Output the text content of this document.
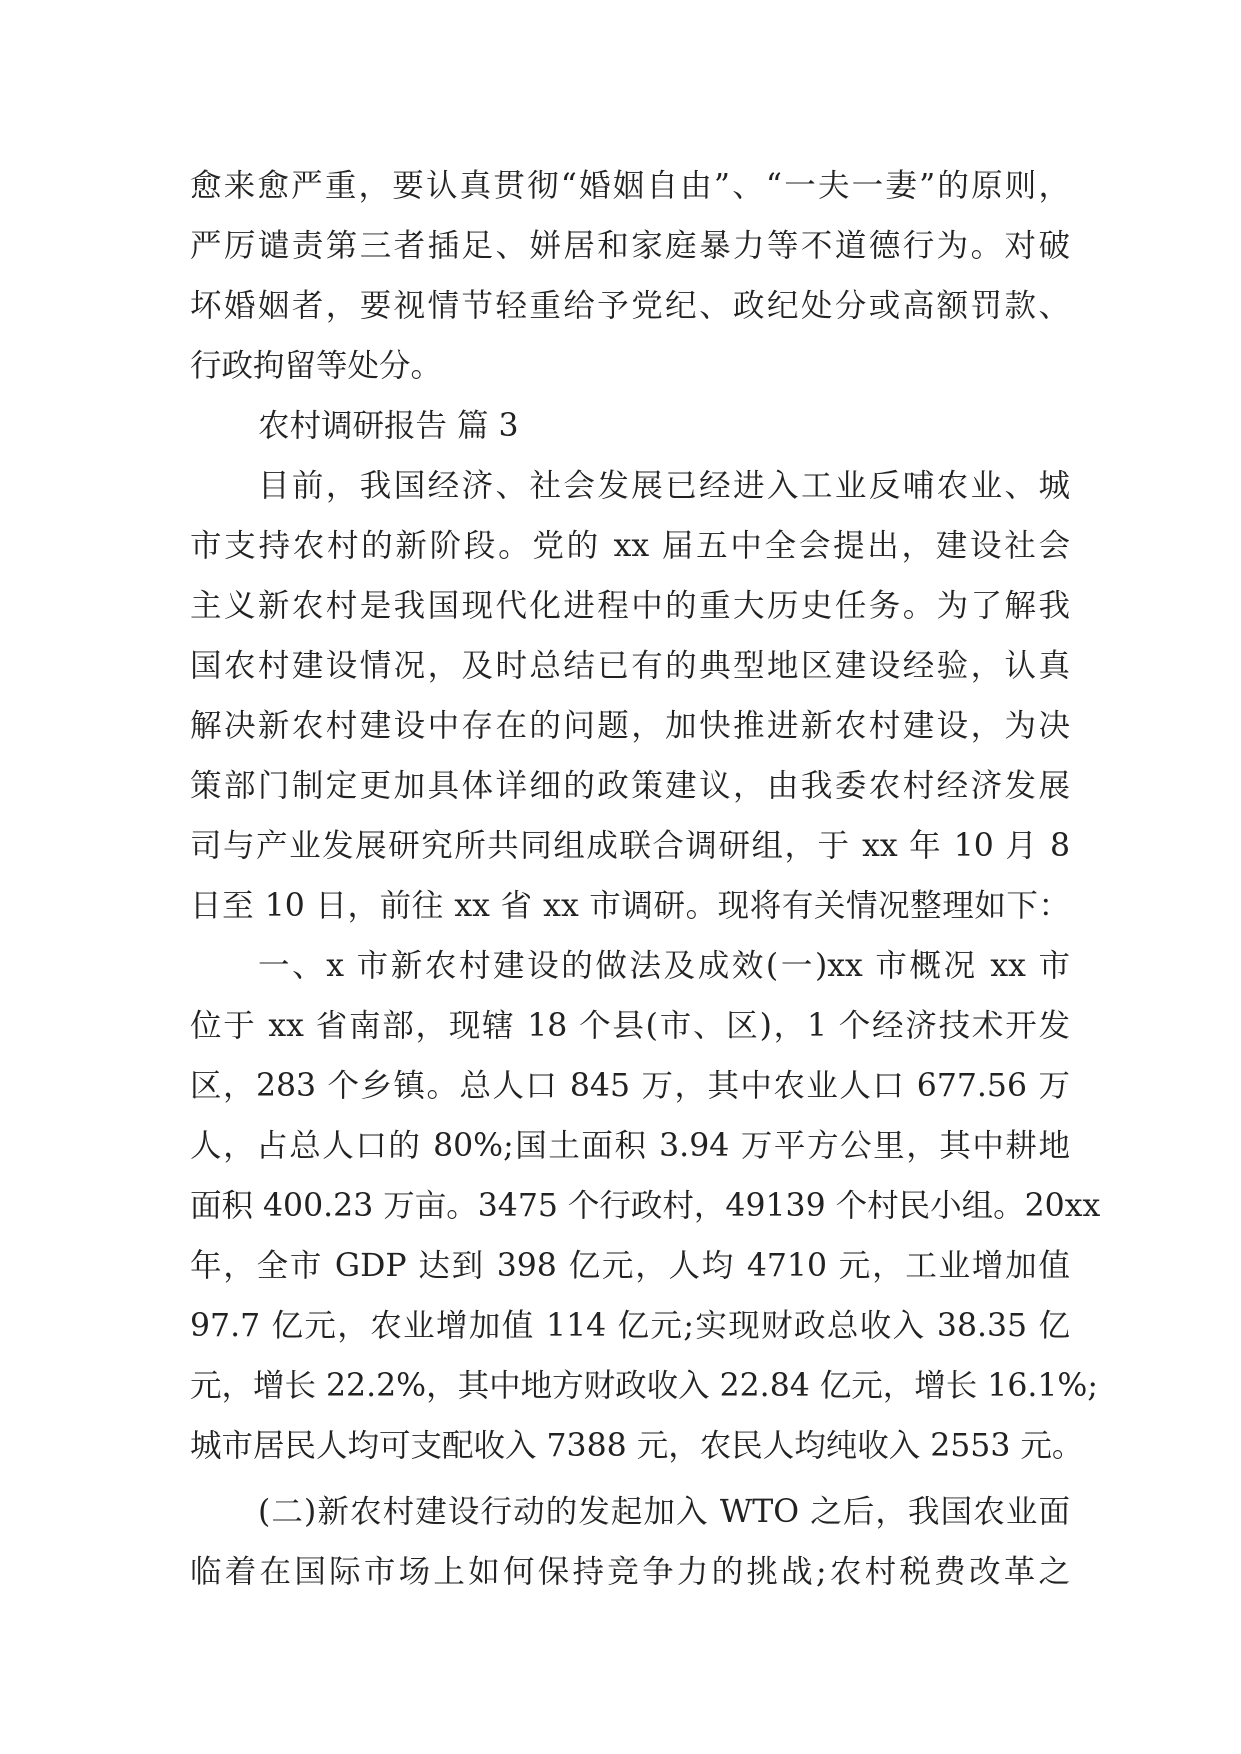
愈来愈严重，要认真贯彻“婚姻自由”、“一夫一妻”的原则，
严厉谴责第三者插足、姘居和家庭暴力等不道德行为。对破
坏婚姻者，要视情节轻重给予党纪、政纪处分或高额罚款、
行政拘留等处分。
农村调研报告 篇 3
目前，我国经济、社会发展已经进入工业反哺农业、城
市支持农村的新阶段。党的 xx 届五中全会提出，建设社会
主义新农村是我国现代化进程中的重大历史任务。为了解我
国农村建设情况，及时总结已有的典型地区建设经验，认真
解决新农村建设中存在的问题，加快推进新农村建设，为决
策部门制定更加具体详细的政策建议，由我委农村经济发展
司与产业发展研究所共同组成联合调研组，于 xx 年 10 月 8
日至 10 日，前往 xx 省 xx 市调研。现将有关情况整理如下：
一、x 市新农村建设的做法及成效(一)xx 市概况 xx 市
位于 xx 省南部，现辖 18 个县(市、区)，1 个经济技术开发
区，283 个乡镇。总人口 845 万，其中农业人口 677.56 万
人，占总人口的 80%;国土面积 3.94 万平方公里，其中耕地
面积 400.23 万亩。3475 个行政村，49139 个村民小组。20xx
年，全市 GDP 达到 398 亿元，人均 4710 元，工业增加值
97.7 亿元，农业增加值 114 亿元;实现财政总收入 38.35 亿
元，增长 22.2%，其中地方财政收入 22.84 亿元，增长 16.1%;
城市居民人均可支配收入 7388 元，农民人均纯收入 2553 元。
(二)新农村建设行动的发起加入 WTO 之后，我国农业面
临着在国际市场上如何保持竞争力的挑战;农村税费改革之
